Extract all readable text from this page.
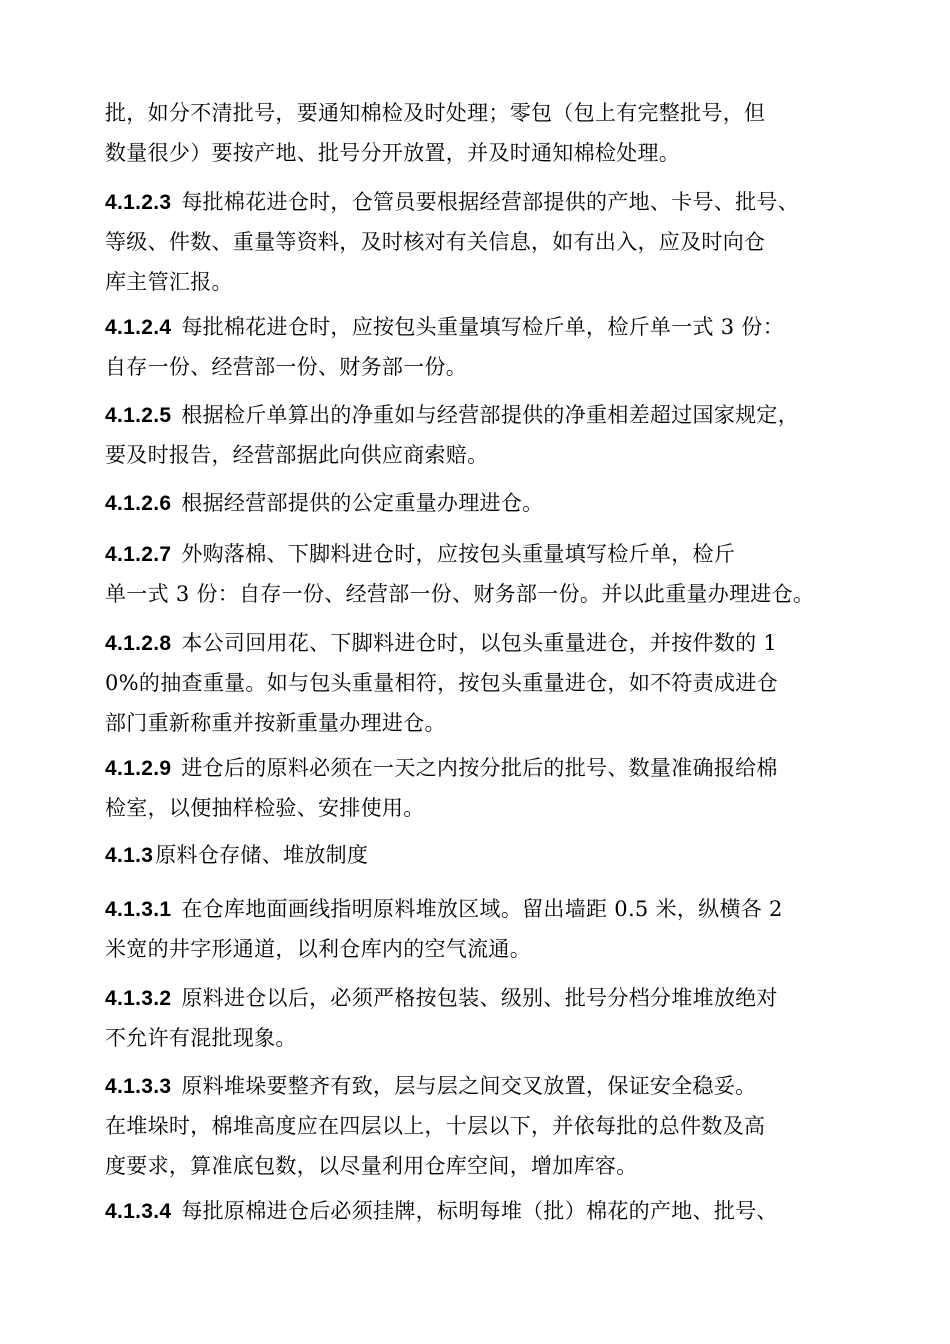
批，如分不清批号，要通知棉检及时处理；零包（包上有完整批号，但
数量很少）要按产地、批号分开放置，并及时通知棉检处理。
4.1.2.3 每批棉花进仓时，仓管员要根据经营部提供的产地、卡号、批号、
等级、件数、重量等资料，及时核对有关信息，如有出入，应及时向仓
库主管汇报。
4.1.2.4 每批棉花进仓时，应按包头重量填写检斤单，检斤单一式 3 份：
自存一份、经营部一份、财务部一份。
4.1.2.5 根据检斤单算出的净重如与经营部提供的净重相差超过国家规定，
要及时报告，经营部据此向供应商索赔。
4.1.2.6 根据经营部提供的公定重量办理进仓。
4.1.2.7 外购落棉、下脚料进仓时，应按包头重量填写检斤单，检斤
单一式 3 份：自存一份、经营部一份、财务部一份。并以此重量办理进仓。
4.1.2.8 本公司回用花、下脚料进仓时，以包头重量进仓，并按件数的 1
0%的抽查重量。如与包头重量相符，按包头重量进仓，如不符责成进仓
部门重新称重并按新重量办理进仓。
4.1.2.9 进仓后的原料必须在一天之内按分批后的批号、数量准确报给棉
检室，以便抽样检验、安排使用。
4.1.3原料仓存储、堆放制度
4.1.3.1 在仓库地面画线指明原料堆放区域。留出墙距 0.5 米，纵横各 2
米宽的井字形通道，以利仓库内的空气流通。
4.1.3.2 原料进仓以后，必须严格按包装、级别、批号分档分堆堆放绝对
不允许有混批现象。
4.1.3.3 原料堆垛要整齐有致，层与层之间交叉放置，保证安全稳妥。
在堆垛时，棉堆高度应在四层以上，十层以下，并依每批的总件数及高
度要求，算准底包数，以尽量利用仓库空间，增加库容。
4.1.3.4 每批原棉进仓后必须挂牌，标明每堆（批）棉花的产地、批号、
